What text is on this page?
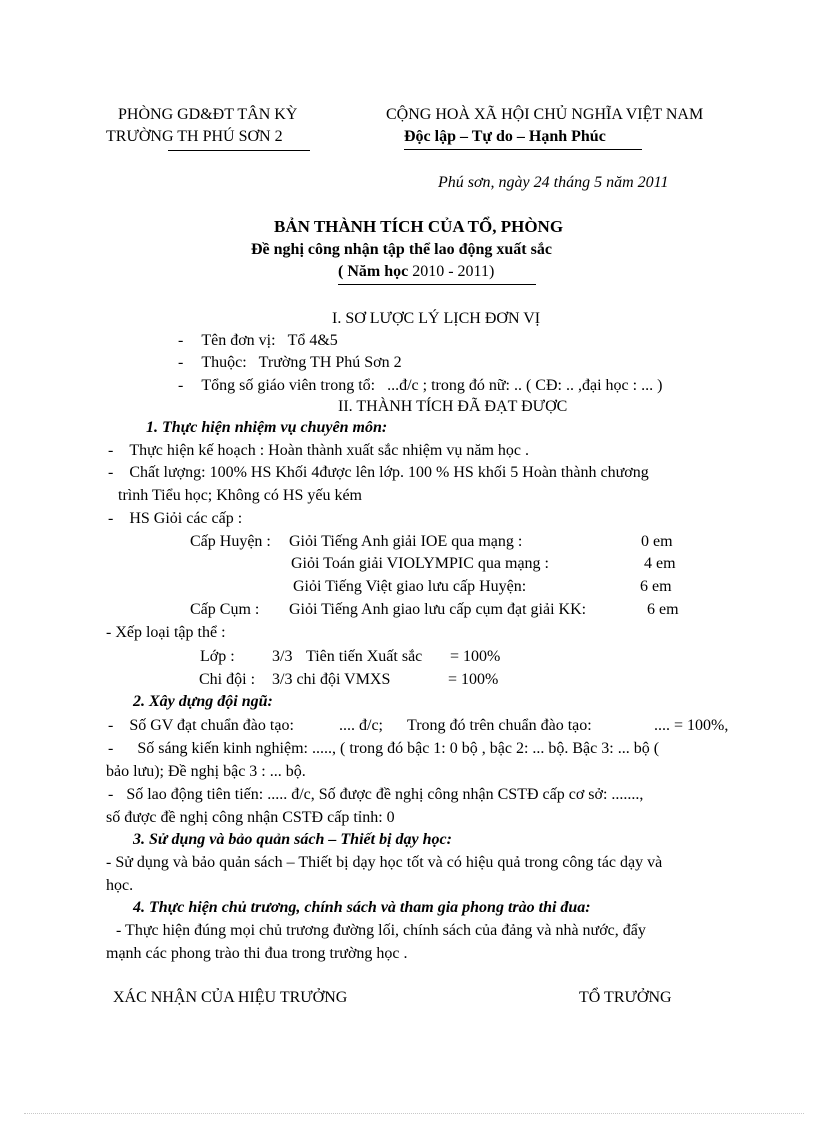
PHÒNG GD&ĐT TÂN KỲ
TRƯỜNG TH PHÚ SƠN 2
CỘNG HOÀ XÃ HỘI CHỦ NGHĨA VIỆT NAM
Độc lập – Tự do – Hạnh Phúc
Phú sơn, ngày 24 tháng 5 năm 2011
BẢN THÀNH TÍCH CỦA TỔ, PHÒNG
Đề nghị công nhận tập thể lao động xuất sắc
( Năm học 2010 - 2011)
I. SƠ LƯỢC LÝ LỊCH ĐƠN VỊ
- Tên đơn vị: Tổ 4&5
- Thuộc: Trường TH Phú Sơn 2
- Tổng số giáo viên trong tổ: ...đ/c ; trong đó nữ: .. ( CĐ: .. ,đại học : ... )
II. THÀNH TÍCH ĐÃ ĐẠT ĐƯỢC
1. Thực hiện nhiệm vụ chuyên môn:
- Thực hiện kế hoạch : Hoàn thành xuất sắc nhiệm vụ năm học .
- Chất lượng: 100% HS Khối 4được lên lớp. 100 % HS khối 5 Hoàn thành chương
trình Tiểu học; Không có HS yếu kém
- HS Giỏi các cấp :
Cấp Huyện : Giỏi Tiếng Anh giải IOE qua mạng :	0 em
Giỏi Toán giải VIOLYMPIC qua mạng :	4 em
Giỏi Tiếng Việt giao lưu cấp Huyện:	6 em
Cấp Cụm : Giỏi Tiếng Anh giao lưu cấp cụm đạt giải KK:	6 em
- Xếp loại tập thể :
Lớp : 3/3 Tiên tiến Xuất sắc = 100%
Chi đội : 3/3 chi đội VMXS	= 100%
2. Xây dựng đội ngũ:
- Số GV đạt chuẩn đào tạo:	.... đ/c; Trong đó trên chuẩn đào tạo:	.... = 100%,
- Số sáng kiến kinh nghiệm: ....., ( trong đó bậc 1: 0 bộ , bậc 2: ... bộ. Bậc 3: ... bộ (
bảo lưu); Đề nghị bậc 3 : ... bộ.
- Số lao động tiên tiến: ..... đ/c, Số được đề nghị công nhận CSTĐ cấp cơ sở: .......,
số được đề nghị công nhận CSTĐ cấp tỉnh: 0
3. Sử dụng và bảo quản sách – Thiết bị dạy học:
- Sử dụng và bảo quản sách – Thiết bị dạy học tốt và có hiệu quả trong công tác dạy và
học.
4. Thực hiện chủ trương, chính sách và tham gia phong trào thi đua:
- Thực hiện đúng mọi chủ trương đường lối, chính sách của đảng và nhà nước, đẩy
mạnh các phong trào thi đua trong trường học .
XÁC NHẬN CỦA HIỆU TRƯỞNG	TỔ TRƯỞNG
